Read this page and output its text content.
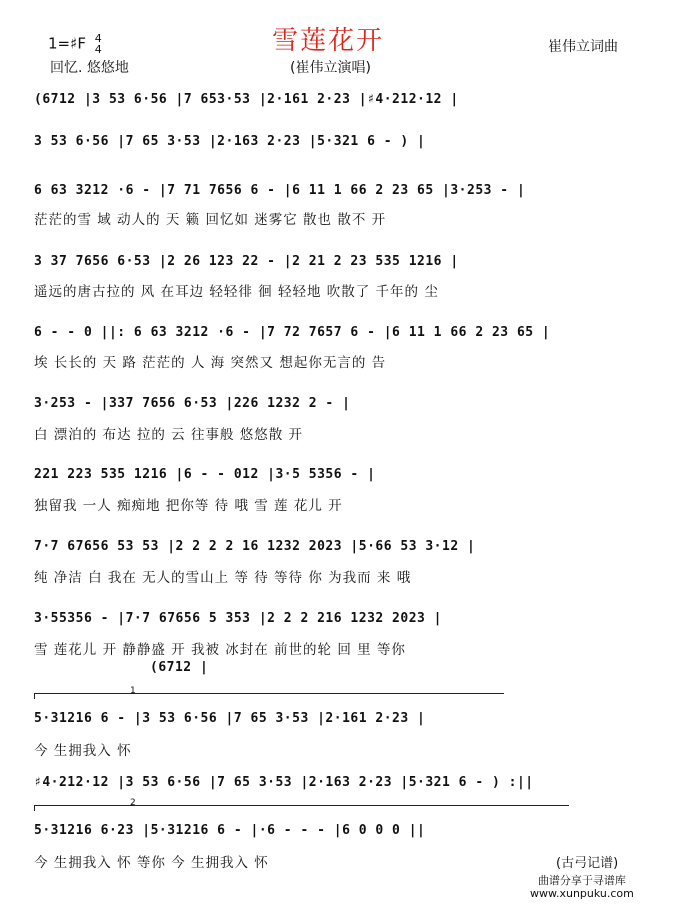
雪莲花开
1=♯F 4
4	崔伟立词曲
回忆. 悠悠地	(崔伟立演唱)
(6712 |3 53 6·56 |7 653·53 |2·161 2·23 |♯4·212·12 |
3 53 6·56 |7 65 3·53 |2·163 2·23 |5·321 6 - ) |
6 63 3212 ·6 - |7 71 7656 6 - |6 11 1 66 2 23 65 |3·253 - |
茫茫的雪 域 动人的 天 籁 回忆如 迷雾它 散也 散不 开
3 37 7656 6·53 |2 26 123 22 - |2 21 2 23 535 1216 |
遥远的唐古拉的 风 在耳边 轻轻徘 徊 轻轻地 吹散了 千年的 尘
6 - - 0 ||: 6 63 3212 ·6 - |7 72 7657 6 - |6 11 1 66 2 23 65 |
埃 长长的 天 路 茫茫的 人 海 突然又 想起你无言的 告
3·253 - |337 7656 6·53 |226 1232 2 - |
白 漂泊的 布达 拉的 云 往事般 悠悠散 开
221 223 535 1216 |6 - - 012 |3·5 5356 - |
独留我 一人 痴痴地 把你等 待 哦 雪 莲 花儿 开
7·7 67656 53 53 |2 2 2 2 16 1232 2023 |5·66 53 3·12 |
纯 净洁 白 我在 无人的雪山上 等 待 等待 你 为我而 来 哦
3·55356 - |7·7 67656 5 353 |2 2 2 216 1232 2023 |
雪 莲花儿 开 静静盛 开 我被 冰封在 前世的轮 回 里 等你
(6712 |
1
5·31216 6 - |3 53 6·56 |7 65 3·53 |2·161 2·23 |
今 生拥我入 怀
♯4·212·12 |3 53 6·56 |7 65 3·53 |2·163 2·23 |5·321 6 - ) :||
2
5·31216 6·23 |5·31216 6 - |·6 - - - |6 0 0 0 ||
今 生拥我入 怀 等你 今 生拥我入 怀	(古弓记谱)
曲谱分享于寻谱库
www.xunpuku.com
